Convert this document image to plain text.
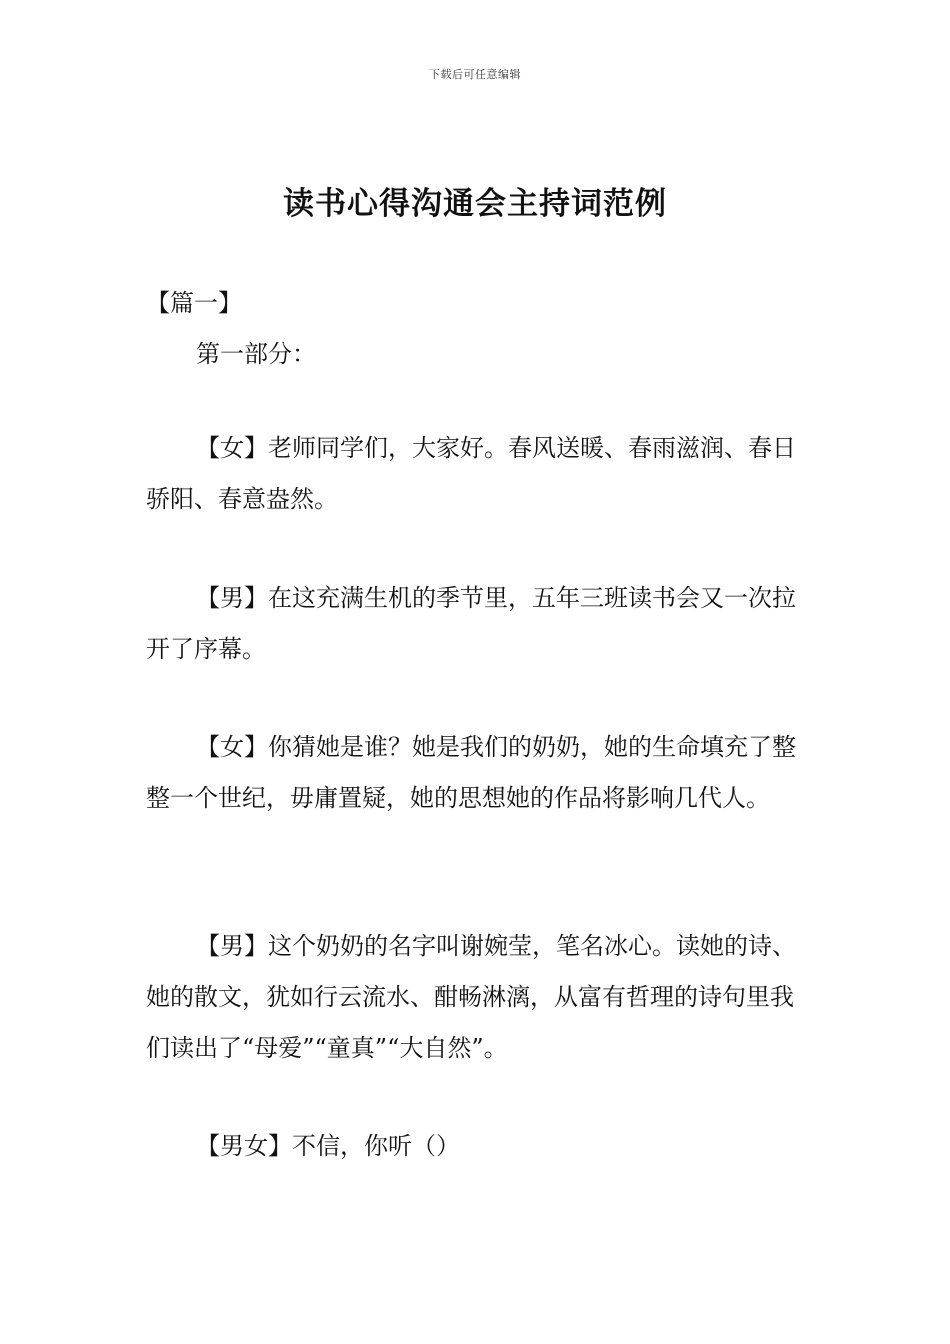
下载后可任意编辑
读书心得沟通会主持词范例
【篇一】
第一部分：

【女】老师同学们，大家好。春风送暖、春雨滋润、春日骄阳、春意盎然。

【男】在这充满生机的季节里，五年三班读书会又一次拉开了序幕。

【女】你猜她是谁？她是我们的奶奶，她的生命填充了整整一个世纪，毋庸置疑，她的思想她的作品将影响几代人。

【男】这个奶奶的名字叫谢婉莹，笔名冰心。读她的诗、她的散文，犹如行云流水、酣畅淋漓，从富有哲理的诗句里我们读出了“母爱”“童真”“大自然”。

【男女】不信，你听（）
